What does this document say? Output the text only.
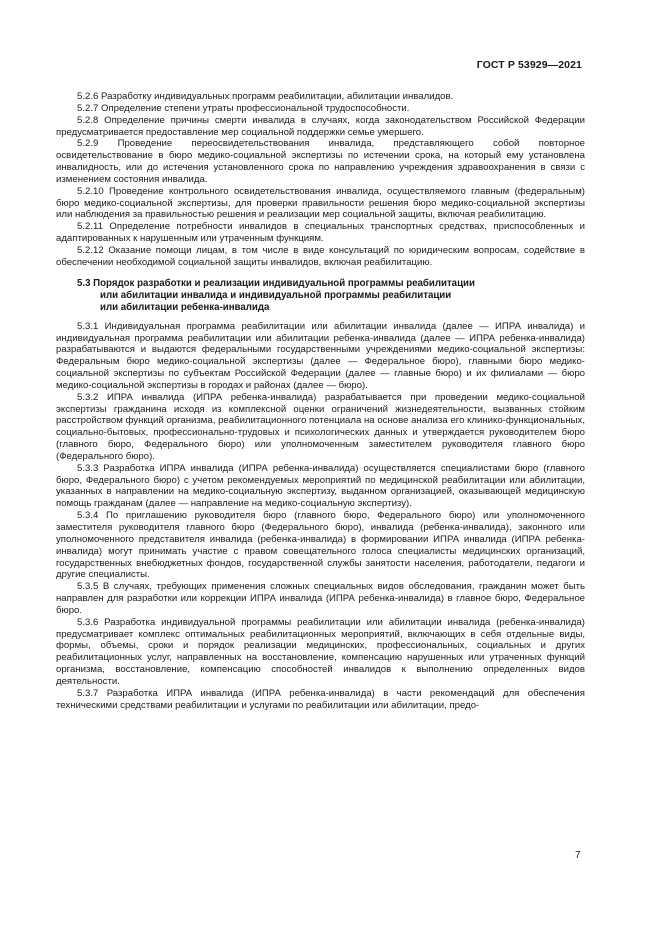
ГОСТ Р 53929—2021

5.2.6 Разработку индивидуальных программ реабилитации, абилитации инвалидов.

5.2.7 Определение степени утраты профессиональной трудоспособности.

5.2.8 Определение причины смерти инвалида в случаях, когда законодательством Российской Федерации предусматривается предоставление мер социальной поддержки семье умершего.

5.2.9 Проведение переосвидетельствования инвалида, представляющего собой повторное освидетельствование в бюро медико-социальной экспертизы по истечении срока, на который ему установлена инвалидность, или до истечения установленного срока по направлению учреждения здравоохранения в связи с изменением состояния инвалида.

5.2.10 Проведение контрольного освидетельствования инвалида, осуществляемого главным (федеральным) бюро медико-социальной экспертизы, для проверки правильности решения бюро медико-социальной экспертизы или наблюдения за правильностью решения и реализации мер социальной защиты, включая реабилитацию.

5.2.11 Определение потребности инвалидов в специальных транспортных средствах, приспособленных и адаптированных к нарушенным или утраченным функциям.

5.2.12 Оказание помощи лицам, в том числе в виде консультаций по юридическим вопросам, содействие в обеспечении необходимой социальной защиты инвалидов, включая реабилитацию.

5.3 Порядок разработки и реализации индивидуальной программы реабилитации
или абилитации инвалида и индивидуальной программы реабилитации
или абилитации ребенка-инвалида

5.3.1 Индивидуальная программа реабилитации или абилитации инвалида (далее — ИПРА инвалида) и индивидуальная программа реабилитации или абилитации ребенка-инвалида (далее — ИПРА ребенка-инвалида) разрабатываются и выдаются федеральными государственными учреждениями медико-социальной экспертизы: Федеральным бюро медико-социальной экспертизы (далее — Федеральное бюро), главными бюро медико-социальной экспертизы по субъектам Российской Федерации (далее — главные бюро) и их филиалами — бюро медико-социальной экспертизы в городах и районах (далее — бюро).

5.3.2 ИПРА инвалида (ИПРА ребенка-инвалида) разрабатывается при проведении медико-социальной экспертизы гражданина исходя из комплексной оценки ограничений жизнедеятельности, вызванных стойким расстройством функций организма, реабилитационного потенциала на основе анализа его клинико-функциональных, социально-бытовых, профессионально-трудовых и психологических данных и утверждается руководителем бюро (главного бюро, Федерального бюро) или уполномоченным заместителем руководителя главного бюро (Федерального бюро).

5.3.3 Разработка ИПРА инвалида (ИПРА ребенка-инвалида) осуществляется специалистами бюро (главного бюро, Федерального бюро) с учетом рекомендуемых мероприятий по медицинской реабилитации или абилитации, указанных в направлении на медико-социальную экспертизу, выданном организацией, оказывающей медицинскую помощь гражданам (далее — направление на медико-социальную экспертизу).

5.3.4 По приглашению руководителя бюро (главного бюро, Федерального бюро) или уполномоченного заместителя руководителя главного бюро (Федерального бюро), инвалида (ребенка-инвалида), законного или уполномоченного представителя инвалида (ребенка-инвалида) в формировании ИПРА инвалида (ИПРА ребенка-инвалида) могут принимать участие с правом совещательного голоса специалисты медицинских организаций, государственных внебюджетных фондов, государственной службы занятости населения, работодатели, педагоги и другие специалисты.

5.3.5 В случаях, требующих применения сложных специальных видов обследования, гражданин может быть направлен для разработки или коррекции ИПРА инвалида (ИПРА ребенка-инвалида) в главное бюро, Федеральное бюро.

5.3.6 Разработка индивидуальной программы реабилитации или абилитации инвалида (ребенка-инвалида) предусматривает комплекс оптимальных реабилитационных мероприятий, включающих в себя отдельные виды, формы, объемы, сроки и порядок реализации медицинских, профессиональных, социальных и других реабилитационных услуг, направленных на восстановление, компенсацию нарушенных или утраченных функций организма, восстановление, компенсацию способностей инвалидов к выполнению определенных видов деятельности.

5.3.7 Разработка ИПРА инвалида (ИПРА ребенка-инвалида) в части рекомендаций для обеспечения техническими средствами реабилитации и услугами по реабилитации или абилитации, предо-

7
